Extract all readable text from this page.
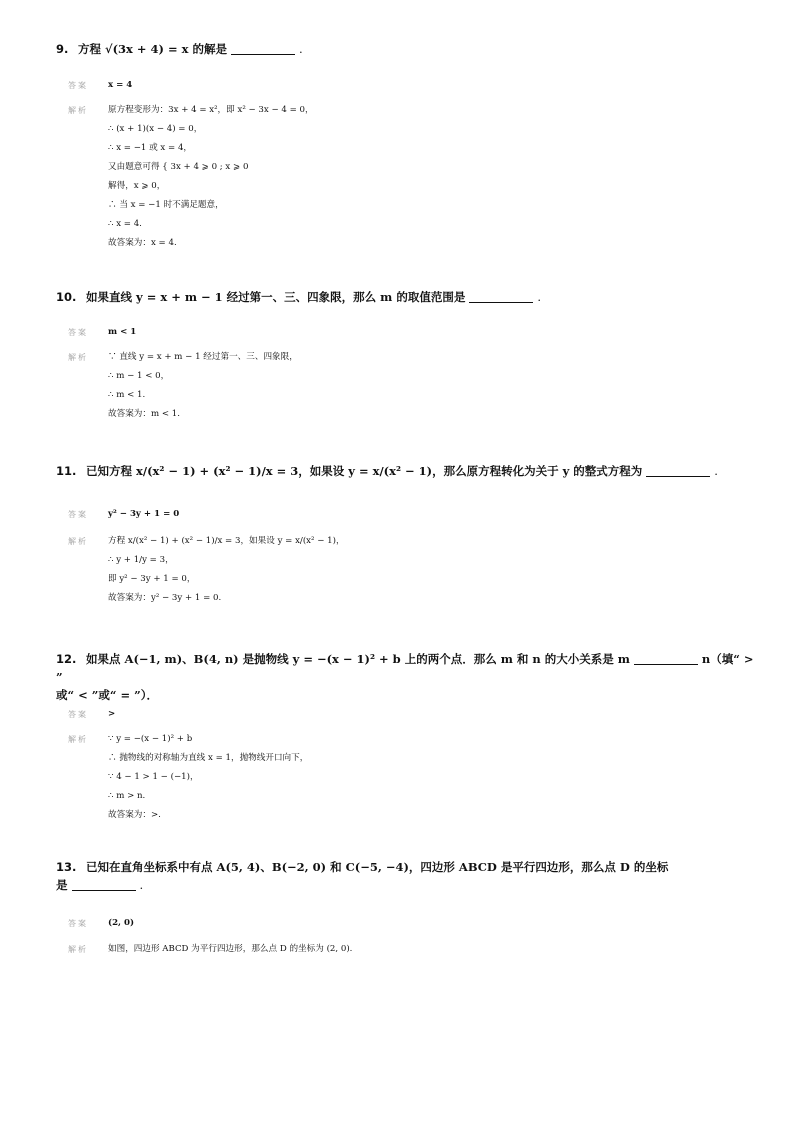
9. 方程 √(3x + 4) = x 的解是	.
答案	x = 4
解析	原方程变形为：3x + 4 = x²，即 x² − 3x − 4 = 0，
∴ (x + 1)(x − 4) = 0，
∴ x = −1 或 x = 4，
又由题意可得 { 3x + 4 ⩾ 0 ; x ⩾ 0
解得，x ⩾ 0，
∴ 当 x = −1 时不满足题意，
∴ x = 4.
故答案为：x = 4.
10. 如果直线 y = x + m − 1 经过第一、三、四象限，那么 m 的取值范围是	.
答案	m < 1
解析	∵ 直线 y = x + m − 1 经过第一、三、四象限，
∴ m − 1 < 0，
∴ m < 1.
故答案为：m < 1.
11. 已知方程 x/(x² − 1) + (x² − 1)/x = 3，如果设 y = x/(x² − 1)，那么原方程转化为关于 y 的整式方程为	.
答案	y² − 3y + 1 = 0
解析	方程 x/(x² − 1) + (x² − 1)/x = 3，如果设 y = x/(x² − 1)，
∴ y + 1/y = 3，
即 y² − 3y + 1 = 0，
故答案为：y² − 3y + 1 = 0.
12. 如果点 A(−1, m)、B(4, n) 是抛物线 y = −(x − 1)² + b 上的两个点．那么 m 和 n 的大小关系是 m	n（填“ > ”
或“ < ”或“ = ”）．
答案	>
解析	∵ y = −(x − 1)² + b
∴ 抛物线的对称轴为直线 x = 1，抛物线开口向下，
∵ 4 − 1 > 1 − (−1)，
∴ m > n.
故答案为：>.
13. 已知在直角坐标系中有点 A(5, 4)、B(−2, 0) 和 C(−5, −4)，四边形 ABCD 是平行四边形，那么点 D 的坐标
是	.
答案	(2, 0)
解析	如图，四边形 ABCD 为平行四边形，那么点 D 的坐标为 (2, 0).
